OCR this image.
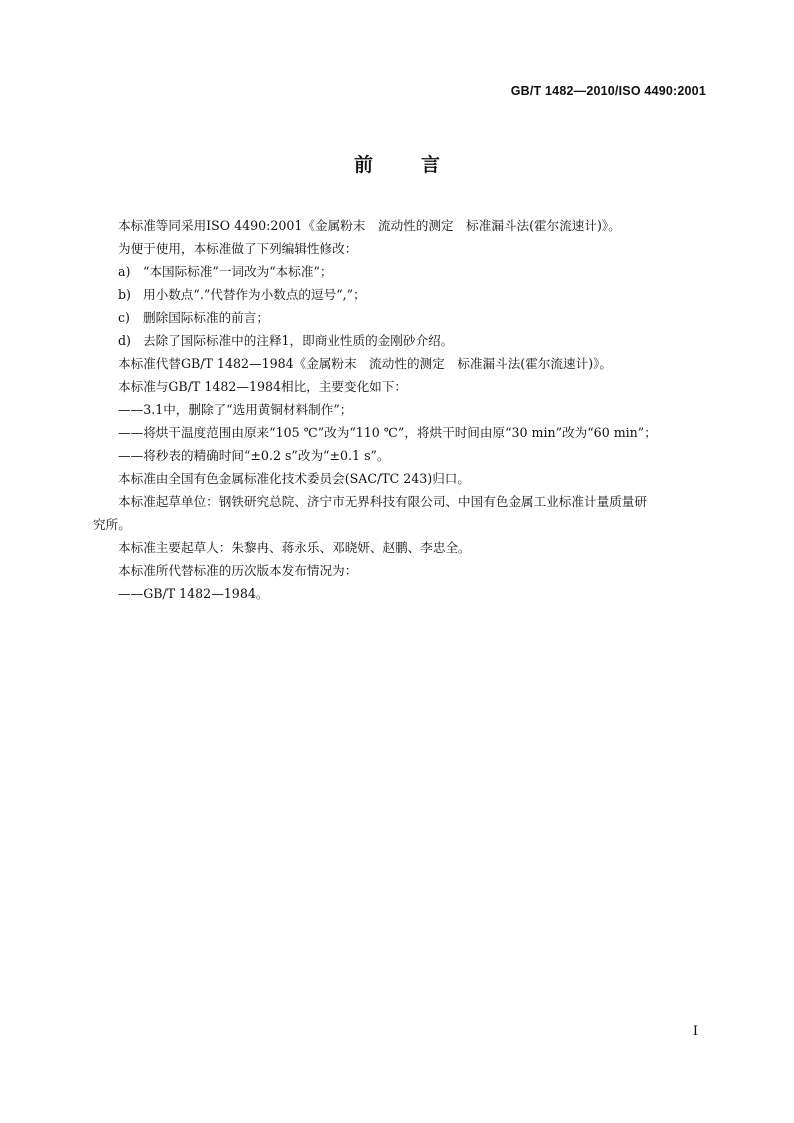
GB/T 1482—2010/ISO 4490:2001
前言

本标准等同采用ISO 4490:2001《金属粉末　流动性的测定　标准漏斗法(霍尔流速计)》。

为便于使用，本标准做了下列编辑性修改：

a) “本国际标准”一词改为“本标准”；

b) 用小数点“.”代替作为小数点的逗号“,”；

c) 删除国际标准的前言；

d) 去除了国际标准中的注释1，即商业性质的金刚砂介绍。

本标准代替GB/T 1482—1984《金属粉末　流动性的测定　标准漏斗法(霍尔流速计)》。

本标准与GB/T 1482—1984相比，主要变化如下：

——3.1中，删除了“选用黄铜材料制作”；

——将烘干温度范围由原来“105 ℃”改为“110 ℃”，将烘干时间由原“30 min”改为“60 min”；

——将秒表的精确时间“±0.2 s”改为“±0.1 s”。

本标准由全国有色金属标准化技术委员会(SAC/TC 243)归口。

本标准起草单位：钢铁研究总院、济宁市无界科技有限公司、中国有色金属工业标准计量质量研
究所。

本标准主要起草人：朱黎冉、蒋永乐、邓晓妍、赵鹏、李忠全。

本标准所代替标准的历次版本发布情况为：

——GB/T 1482—1984。

I
